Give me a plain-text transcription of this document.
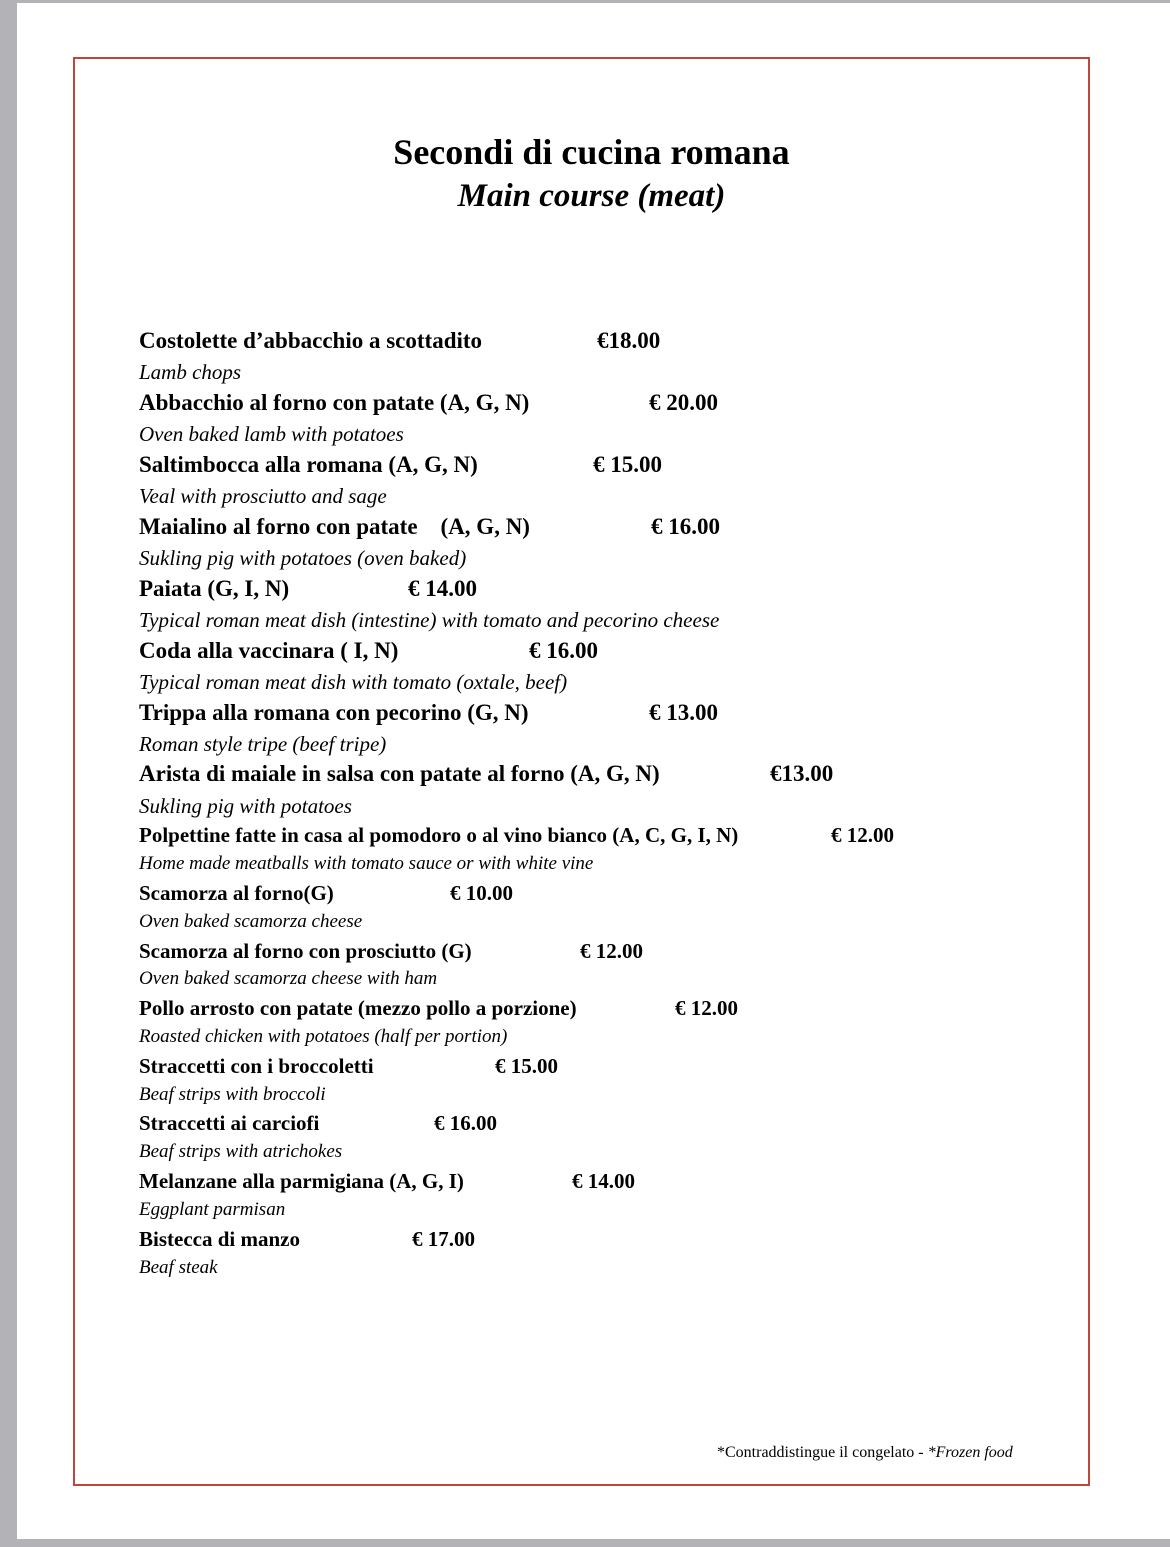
Secondi di cucina romana
Main course (meat)
Costolette d’abbacchio a scottadito	€18.00
Lamb chops
Abbacchio al forno con patate (A, G, N)	€ 20.00
Oven baked lamb with potatoes
Saltimbocca alla romana (A, G, N)	€ 15.00
Veal with prosciutto and sage
Maialino al forno con patate    (A, G, N)	€ 16.00
Sukling pig with potatoes (oven baked)
Paiata (G, I, N)	€ 14.00
Typical roman meat dish (intestine) with tomato and pecorino cheese
Coda alla vaccinara ( I, N)	€ 16.00
Typical roman meat dish with tomato (oxtale, beef)
Trippa alla romana con pecorino (G, N)	€ 13.00
Roman style tripe (beef tripe)
Arista di maiale in salsa con patate al forno (A, G, N)	€13.00
Sukling pig with potatoes
Polpettine fatte in casa al pomodoro o al vino bianco (A, C, G, I, N)	€ 12.00
Home made meatballs with tomato sauce or with white vine
Scamorza al forno(G)	€ 10.00
Oven baked scamorza cheese
Scamorza al forno con prosciutto (G)	€ 12.00
Oven baked scamorza cheese with ham
Pollo arrosto con patate (mezzo pollo a porzione)	€ 12.00
Roasted chicken with potatoes (half per portion)
Straccetti con i broccoletti	€ 15.00
Beaf strips with broccoli
Straccetti ai carciofi	€ 16.00
Beaf strips with atrichokes
Melanzane alla parmigiana (A, G, I)	€ 14.00
Eggplant parmisan
Bistecca di manzo	€ 17.00
Beaf steak
*Contraddistingue il congelato - *Frozen food
